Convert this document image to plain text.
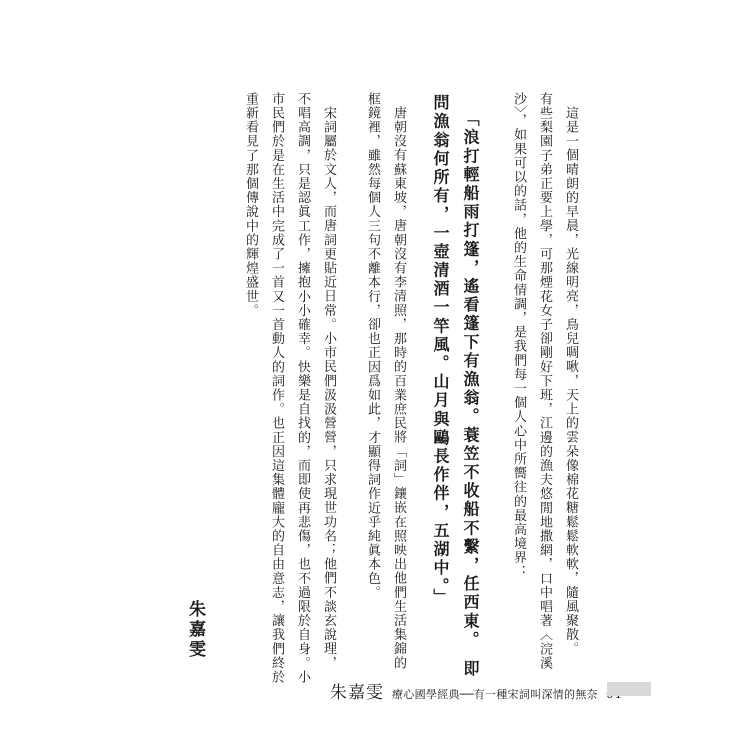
這是一個晴朗的早晨，光線明亮，鳥兒啁啾，天上的雲朵像棉花糖鬆鬆軟軟，隨風聚散。
有些梨園子弟正要上學，可那煙花女子卻剛好下班，江邊的漁夫悠閒地撒網，口中唱著〈浣溪
沙〉，如果可以的話，他的生命情調，是我們每一個人心中所嚮往的最高境界：
「浪打輕船雨打篷，遙看篷下有漁翁。蓑笠不收船不繫，任西東。　即
問漁翁何所有，一壺清酒一竿風。山月與鷗長作伴，五湖中。」
唐朝沒有蘇東坡，唐朝沒有李清照，那時的百業庶民將「詞」鑲嵌在照映出他們生活集錦的
框鏡裡，雖然每個人三句不離本行，卻也正因爲如此，才顯得詞作近乎純眞本色。
宋詞屬於文人，而唐詞更貼近日常。小市民們汲汲營營，只求現世功名；他們不談玄說理，
不唱高調，只是認眞工作，擁抱小小確幸。快樂是自找的，而即使再悲傷，也不過限於自身。小
市民們於是在生活中完成了一首又一首動人的詞作。也正因這集體龐大的自由意志，讓我們終於
重新看見了那個傳說中的輝煌盛世。
朱嘉雯
朱嘉雯 療心國學經典──有一種宋詞叫深情的無奈
